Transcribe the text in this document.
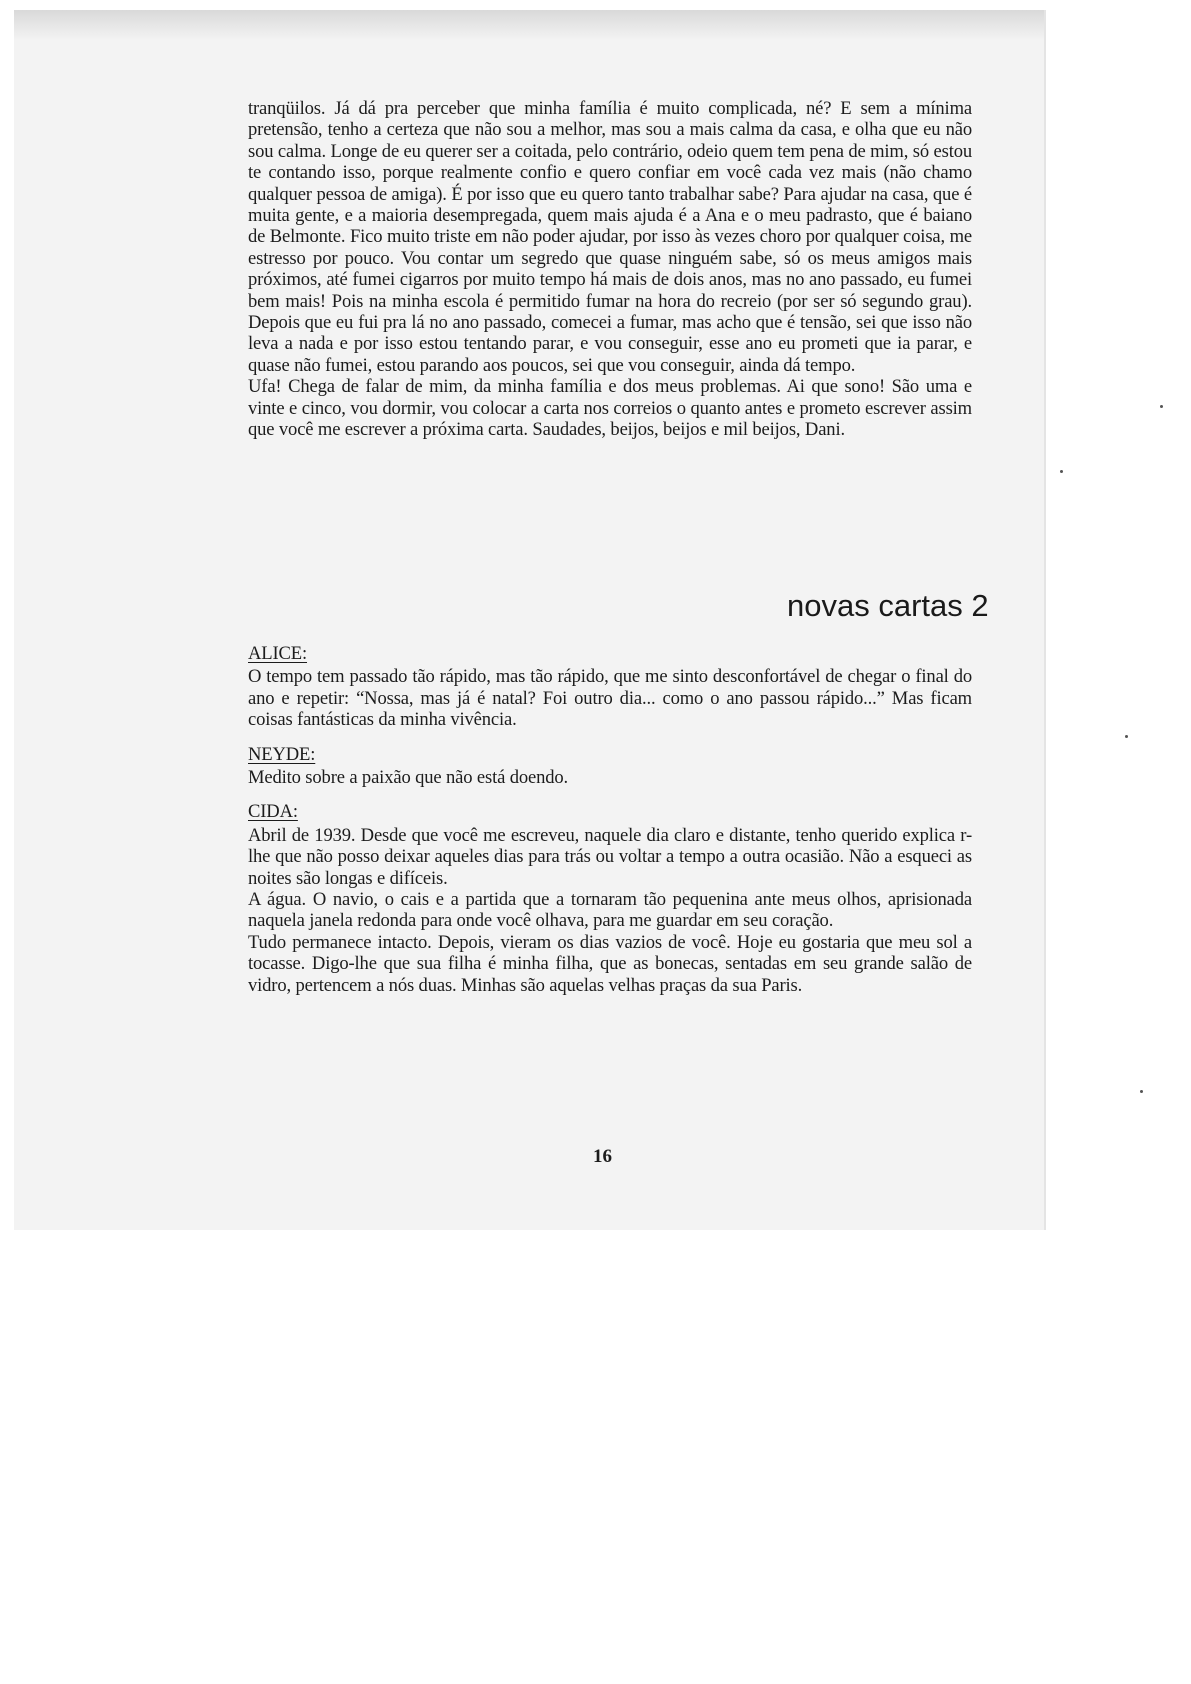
tranqüilos. Já dá pra perceber que minha família é muito complicada, né? E sem a mínima pretensão, tenho a certeza que não sou a melhor, mas sou a mais calma da casa, e olha que eu não sou calma. Longe de eu querer ser a coitada, pelo contrário, odeio quem tem pena de mim, só estou te contando isso, porque realmente confio e quero confiar em você cada vez mais (não chamo qualquer pessoa de amiga). É por isso que eu quero tanto trabalhar sabe? Para ajudar na casa, que é muita gente, e a maioria desempregada, quem mais ajuda é a Ana e o meu padrasto, que é baiano de Belmonte. Fico muito triste em não poder ajudar, por isso às vezes choro por qualquer coisa, me estresso por pouco. Vou contar um segredo que quase ninguém sabe, só os meus amigos mais próximos, até fumei cigarros por muito tempo há mais de dois anos, mas no ano passado, eu fumei bem mais! Pois na minha escola é permitido fumar na hora do recreio (por ser só segundo grau). Depois que eu fui pra lá no ano passado, comecei a fumar, mas acho que é tensão, sei que isso não leva a nada e por isso estou tentando parar, e vou conseguir, esse ano eu prometi que ia parar, e quase não fumei, estou parando aos poucos, sei que vou conseguir, ainda dá tempo.

Ufa! Chega de falar de mim, da minha família e dos meus problemas. Ai que sono! São uma e vinte e cinco, vou dormir, vou colocar a carta nos correios o quanto antes e prometo escrever assim que você me escrever a próxima carta. Saudades, beijos, beijos e mil beijos, Dani.

novas cartas 2
ALICE:

O tempo tem passado tão rápido, mas tão rápido, que me sinto desconfortável de chegar o final do ano e repetir: “Nossa, mas já é natal? Foi outro dia... como o ano passou rápido...” Mas ficam coisas fantásticas da minha vivência.

NEYDE:

Medito sobre a paixão que não está doendo.

CIDA:

Abril de 1939. Desde que você me escreveu, naquele dia claro e distante, tenho querido explica r-lhe que não posso deixar aqueles dias para trás ou voltar a tempo a outra ocasião. Não a esqueci as noites são longas e difíceis.

A água. O navio, o cais e a partida que a tornaram tão pequenina ante meus olhos, aprisionada naquela janela redonda para onde você olhava, para me guardar em seu coração.

Tudo permanece intacto. Depois, vieram os dias vazios de você. Hoje eu gostaria que meu sol a tocasse. Digo-lhe que sua filha é minha filha, que as bonecas, sentadas em seu grande salão de vidro, pertencem a nós duas. Minhas são aquelas velhas praças da sua Paris.

16
